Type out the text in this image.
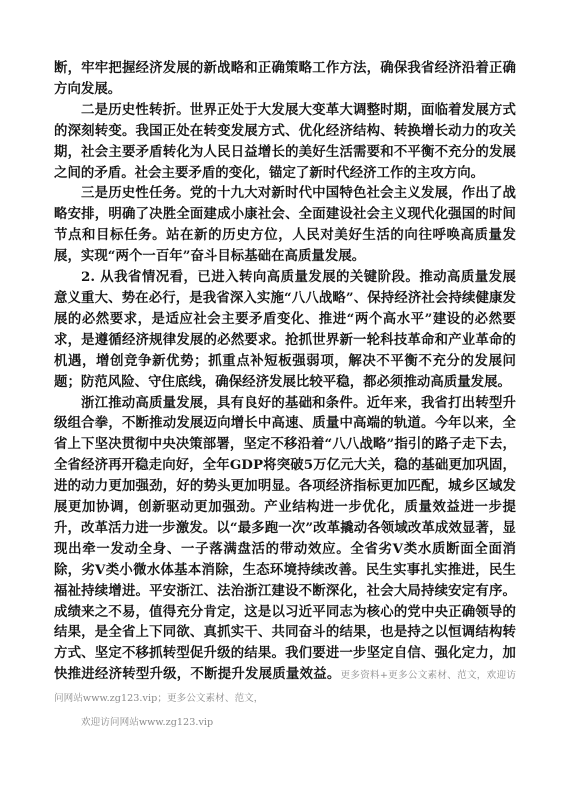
断，牢牢把握经济发展的新战略和正确策略工作方法，确保我省经济沿着正确方向发展。

二是历史性转折。世界正处于大发展大变革大调整时期，面临着发展方式的深刻转变。我国正处在转变发展方式、优化经济结构、转换增长动力的攻关期，社会主要矛盾转化为人民日益增长的美好生活需要和不平衡不充分的发展之间的矛盾。社会主要矛盾的变化，锚定了新时代经济工作的主攻方向。

三是历史性任务。党的十九大对新时代中国特色社会主义发展，作出了战略安排，明确了决胜全面建成小康社会、全面建设社会主义现代化强国的时间节点和目标任务。站在新的历史方位，人民对美好生活的向往呼唤高质量发展，实现“两个一百年”奋斗目标基础在高质量发展。

2. 从我省情况看，已进入转向高质量发展的关键阶段。推动高质量发展意义重大、势在必行，是我省深入实施“八八战略”、保持经济社会持续健康发展的必然要求，是适应社会主要矛盾变化、推进“两个高水平”建设的必然要求，是遵循经济规律发展的必然要求。抢抓世界新一轮科技革命和产业革命的机遇，增创竞争新优势；抓重点补短板强弱项，解决不平衡不充分的发展问题；防范风险、守住底线，确保经济发展比较平稳，都必须推动高质量发展。

浙江推动高质量发展，具有良好的基础和条件。近年来，我省打出转型升级组合拳，不断推动发展迈向增长中高速、质量中高端的轨道。今年以来，全省上下坚决贯彻中央决策部署，坚定不移沿着“八八战略”指引的路子走下去，全省经济再开稳走向好，全年GDP将突破5万亿元大关，稳的基础更加巩固，进的动力更加强劲，好的势头更加明显。各项经济指标更加匹配，城乡区域发展更加协调，创新驱动更加强劲。产业结构进一步优化，质量效益进一步提升，改革活力进一步激发。以“最多跑一次”改革撬动各领域改革成效显著，显现出牵一发动全身、一子落满盘活的带动效应。全省劣V类水质断面全面消除，劣V类小微水体基本消除，生态环境持续改善。民生实事扎实推进，民生福祉持续增进。平安浙江、法治浙江建设不断深化，社会大局持续安定有序。成绩来之不易，值得充分肯定，这是以习近平同志为核心的党中央正确领导的结果，是全省上下同欲、真抓实干、共同奋斗的结果，也是持之以恒调结构转方式、坚定不移抓转型促升级的结果。我们要进一步坚定自信、强化定力，加快推进经济转型升级，不断提升发展质量效益。更多资料+更多公文素材、范文，欢迎访问网站www.zg123.vip；更多公文素材、范文，
欢迎访问网站www.zg123.vip
